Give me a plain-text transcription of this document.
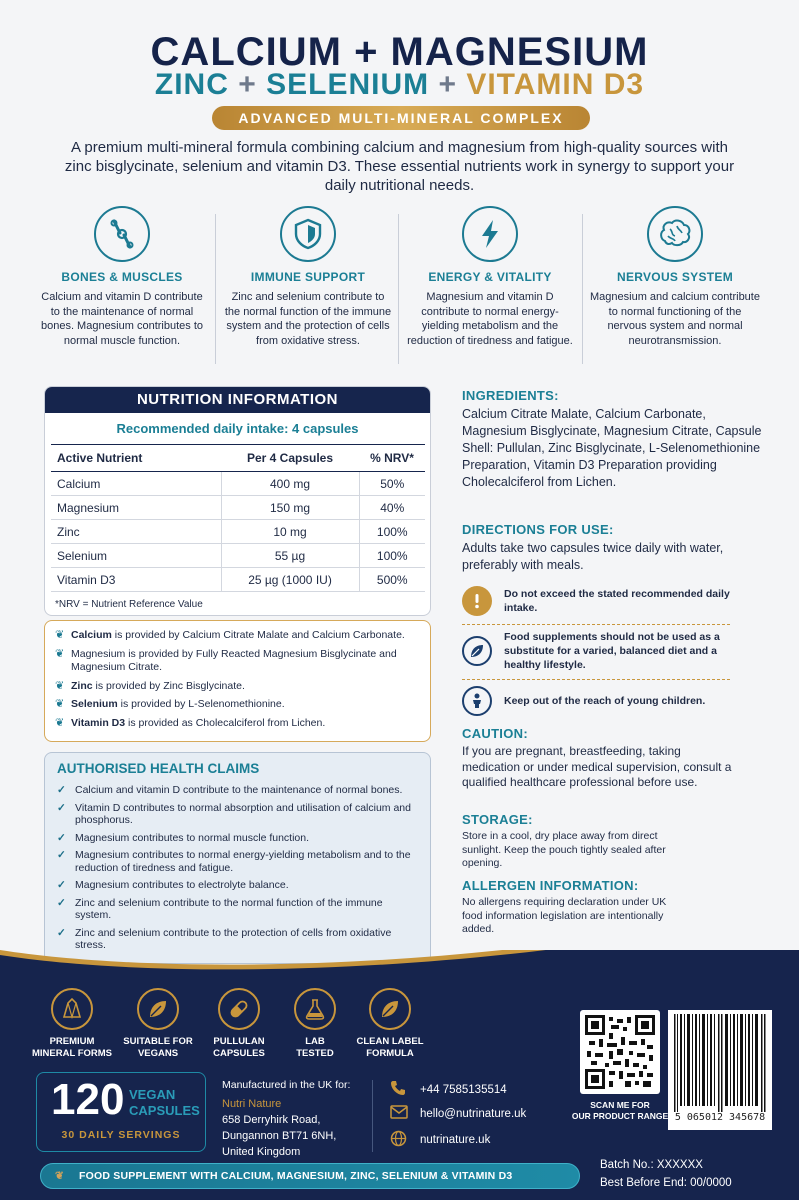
CALCIUM + MAGNESIUM
ZINC + SELENIUM + VITAMIN D3
ADVANCED MULTI-MINERAL COMPLEX
A premium multi-mineral formula combining calcium and magnesium from high-quality sources with zinc bisglycinate, selenium and vitamin D3. These essential nutrients work in synergy to support your daily nutritional needs.
BONES & MUSCLES
Calcium and vitamin D contribute to the maintenance of normal bones. Magnesium contributes to normal muscle function.
IMMUNE SUPPORT
Zinc and selenium contribute to the normal function of the immune system and the protection of cells from oxidative stress.
ENERGY & VITALITY
Magnesium and vitamin D contribute to normal energy-yielding metabolism and the reduction of tiredness and fatigue.
NERVOUS SYSTEM
Magnesium and calcium contribute to normal functioning of the nervous system and normal neurotransmission.
NUTRITION INFORMATION
Recommended daily intake: 4 capsules
Active Nutrient	Per 4 Capsules	% NRV*
Calcium	400 mg	50%
Magnesium	150 mg	40%
Zinc	10 mg	100%
Selenium	55 µg	100%
Vitamin D3	25 µg (1000 IU)	500%
*NRV = Nutrient Reference Value
❦ Calcium is provided by Calcium Citrate Malate and Calcium Carbonate.
❦ Magnesium is provided by Fully Reacted Magnesium Bisglycinate and Magnesium Citrate.
❦ Zinc is provided by Zinc Bisglycinate.
❦ Selenium is provided by L-Selenomethionine.
❦ Vitamin D3 is provided as Cholecalciferol from Lichen.
AUTHORISED HEALTH CLAIMS
✓ Calcium and vitamin D contribute to the maintenance of normal bones.
✓ Vitamin D contributes to normal absorption and utilisation of calcium and phosphorus.
✓ Magnesium contributes to normal muscle function.
✓ Magnesium contributes to normal energy-yielding metabolism and to the reduction of tiredness and fatigue.
✓ Magnesium contributes to electrolyte balance.
✓ Zinc and selenium contribute to the normal function of the immune system.
✓ Zinc and selenium contribute to the protection of cells from oxidative stress.
INGREDIENTS:
Calcium Citrate Malate, Calcium Carbonate, Magnesium Bisglycinate, Magnesium Citrate, Capsule Shell: Pullulan, Zinc Bisglycinate, L-Selenomethionine Preparation, Vitamin D3 Preparation providing Cholecalciferol from Lichen.
DIRECTIONS FOR USE:
Adults take two capsules twice daily with water, preferably with meals.
Do not exceed the stated recommended daily intake.
Food supplements should not be used as a substitute for a varied, balanced diet and a healthy lifestyle.
Keep out of the reach of young children.
CAUTION:
If you are pregnant, breastfeeding, taking medication or under medical supervision, consult a qualified healthcare professional before use.
STORAGE:
Store in a cool, dry place away from direct sunlight. Keep the pouch tightly sealed after opening.
ALLERGEN INFORMATION:
No allergens requiring declaration under UK food information legislation are intentionally added.
PREMIUM
MINERAL FORMS
SUITABLE FOR
VEGANS
PULLULAN
CAPSULES
LAB
TESTED
CLEAN LABEL
FORMULA
120 VEGAN
CAPSULES
30 DAILY SERVINGS
Manufactured in the UK for:
Nutri Nature
658 Derryhirk Road,
Dungannon BT71 6NH,
United Kingdom
+44 7585135514
hello@nutrinature.uk
nutrinature.uk
SCAN ME FOR
OUR PRODUCT RANGE 5 065012 345678
❦ FOOD SUPPLEMENT WITH CALCIUM, MAGNESIUM, ZINC, SELENIUM & VITAMIN D3
Batch No.: XXXXXX
Best Before End: 00/0000
